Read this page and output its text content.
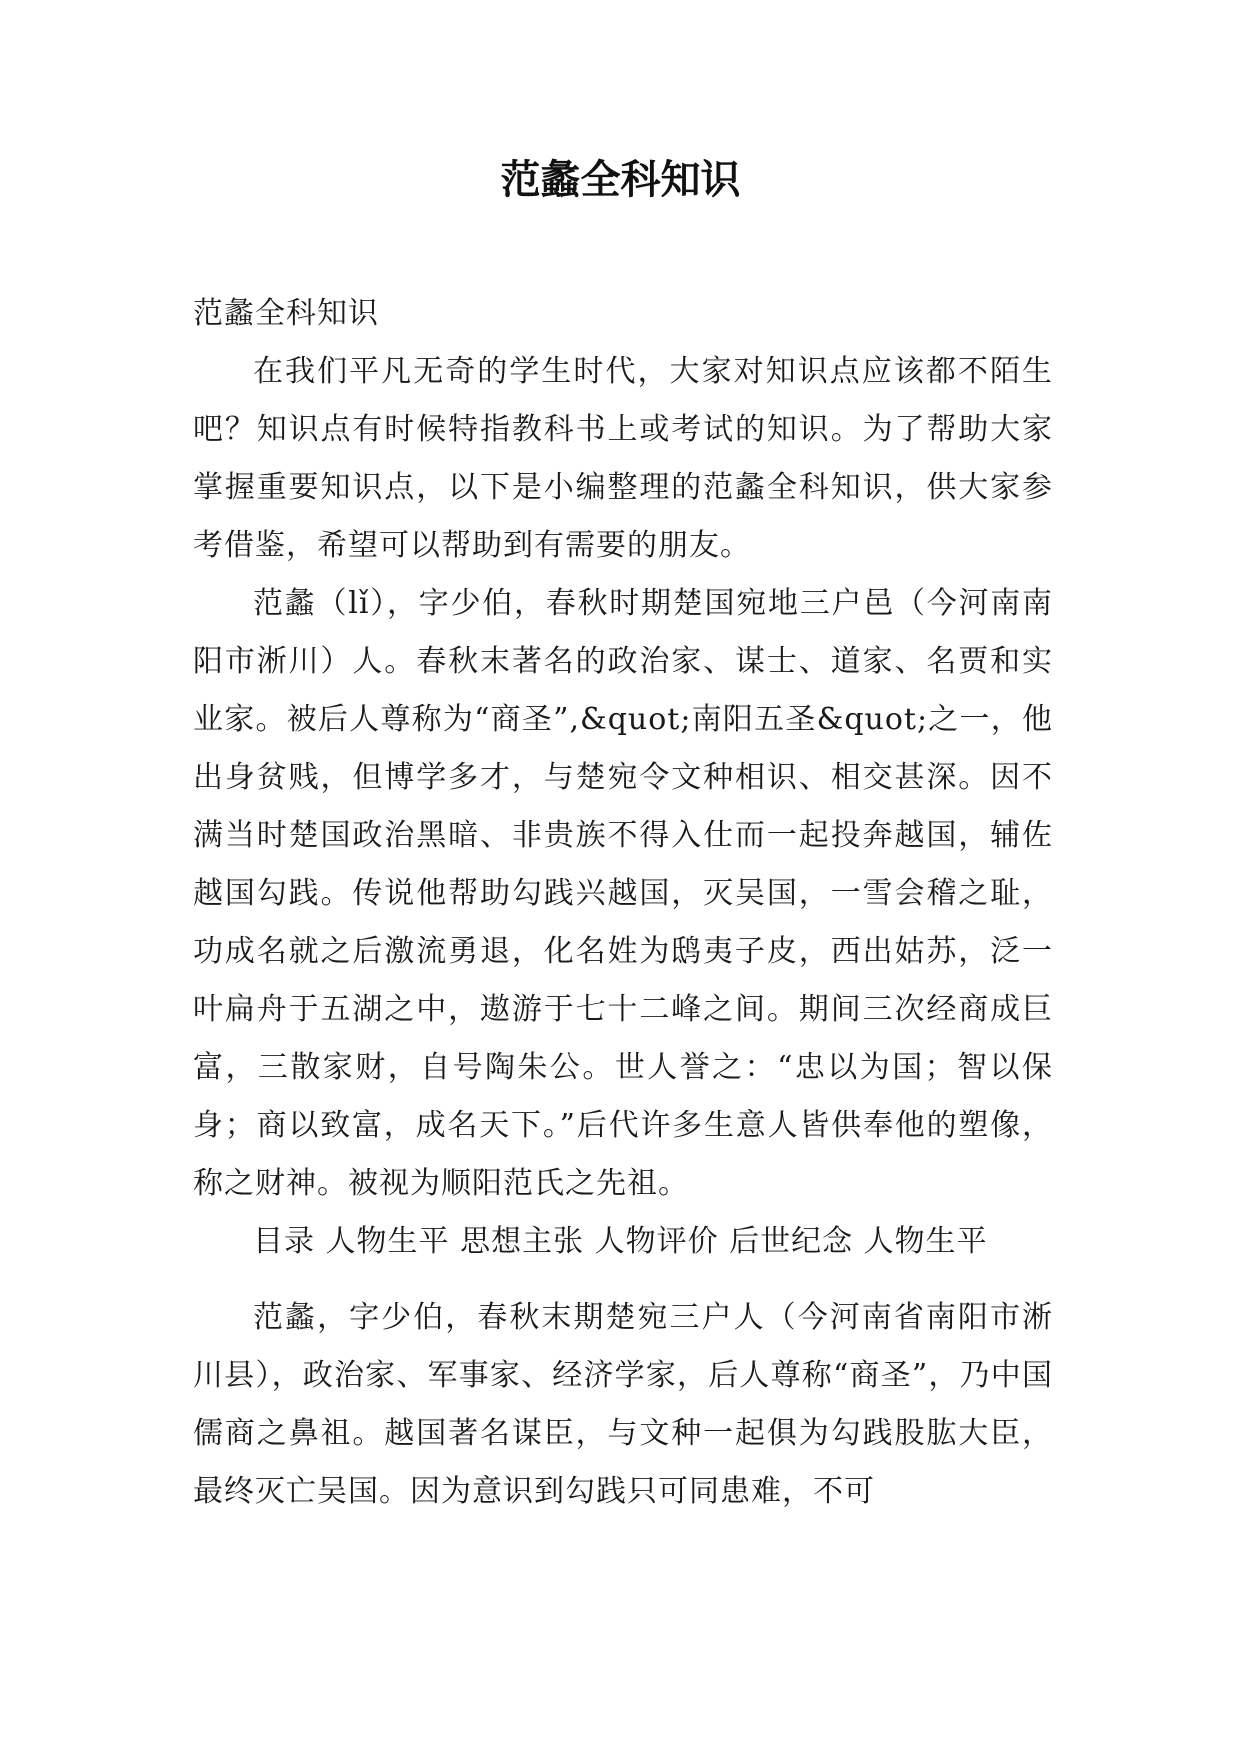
范蠡全科知识

范蠡全科知识

在我们平凡无奇的学生时代，大家对知识点应该都不陌生吧？知识点有时候特指教科书上或考试的知识。为了帮助大家掌握重要知识点，以下是小编整理的范蠡全科知识，供大家参考借鉴，希望可以帮助到有需要的朋友。

范蠡（lǐ），字少伯，春秋时期楚国宛地三户邑（今河南南阳市淅川）人。春秋末著名的政治家、谋士、道家、名贾和实业家。被后人尊称为“商圣”,&quot;南阳五圣&quot;之一，他出身贫贱，但博学多才，与楚宛令文种相识、相交甚深。因不满当时楚国政治黑暗、非贵族不得入仕而一起投奔越国，辅佐越国勾践。传说他帮助勾践兴越国，灭吴国，一雪会稽之耻，功成名就之后激流勇退，化名姓为鸱夷子皮，西出姑苏，泛一叶扁舟于五湖之中，遨游于七十二峰之间。期间三次经商成巨富，三散家财，自号陶朱公。世人誉之：“忠以为国；智以保身；商以致富，成名天下。”后代许多生意人皆供奉他的塑像，称之财神。被视为顺阳范氏之先祖。

目录 人物生平 思想主张 人物评价 后世纪念 人物生平

范蠡，字少伯，春秋末期楚宛三户人（今河南省南阳市淅川县），政治家、军事家、经济学家，后人尊称“商圣”，乃中国儒商之鼻祖。越国著名谋臣，与文种一起俱为勾践股肱大臣，最终灭亡吴国。因为意识到勾践只可同患难，不可
